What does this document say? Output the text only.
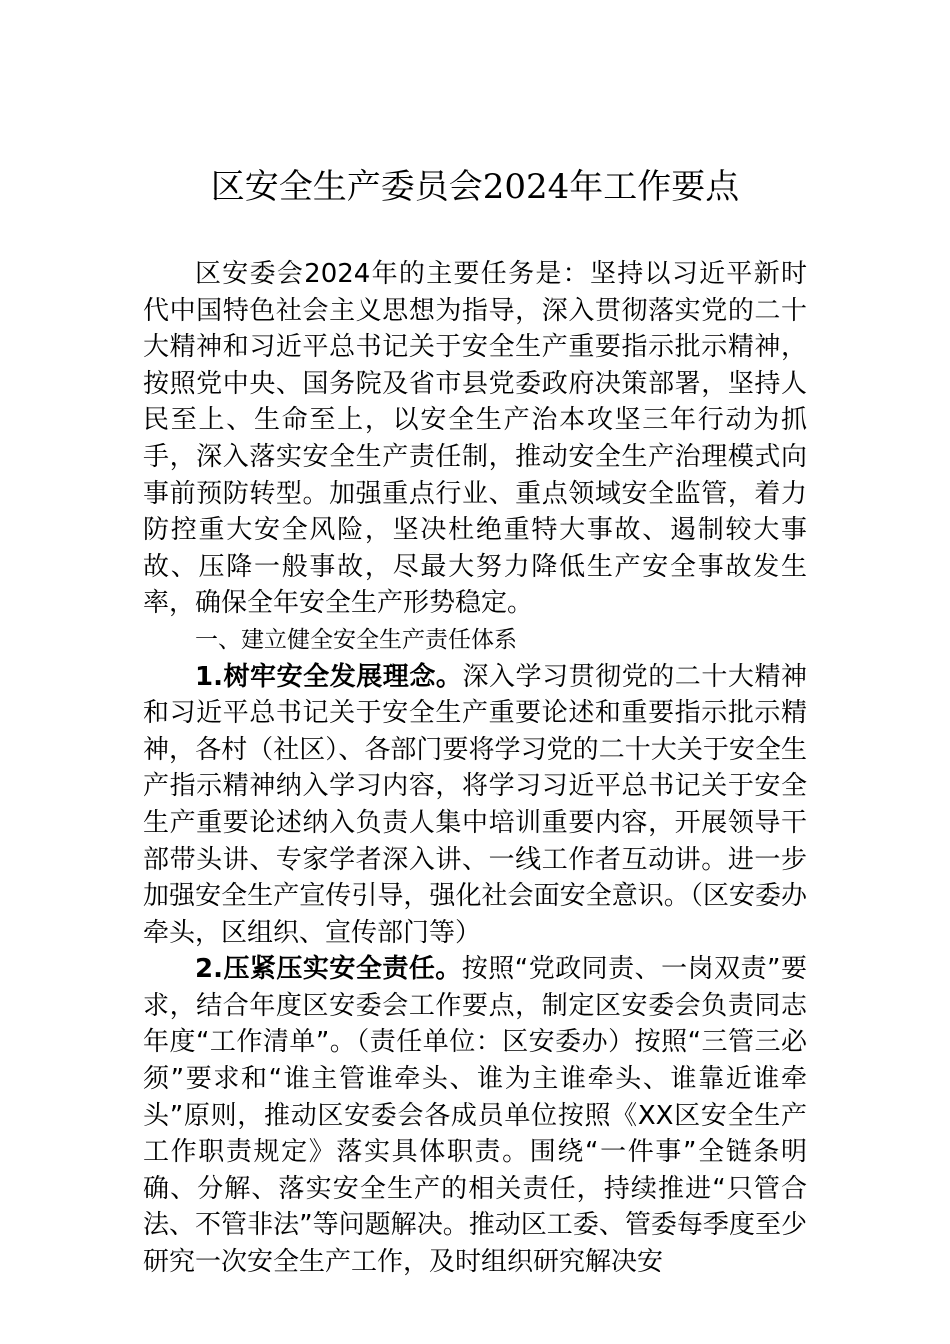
区安全生产委员会2024年工作要点

区安委会2024年的主要任务是：坚持以习近平新时代中国特色社会主义思想为指导，深入贯彻落实党的二十大精神和习近平总书记关于安全生产重要指示批示精神，按照党中央、国务院及省市县党委政府决策部署，坚持人民至上、生命至上，以安全生产治本攻坚三年行动为抓手，深入落实安全生产责任制，推动安全生产治理模式向事前预防转型。加强重点行业、重点领域安全监管，着力防控重大安全风险，坚决杜绝重特大事故、遏制较大事故、压降一般事故，尽最大努力降低生产安全事故发生率，确保全年安全生产形势稳定。

一、建立健全安全生产责任体系

1.树牢安全发展理念。深入学习贯彻党的二十大精神和习近平总书记关于安全生产重要论述和重要指示批示精神，各村（社区）、各部门要将学习党的二十大关于安全生产指示精神纳入学习内容，将学习习近平总书记关于安全生产重要论述纳入负责人集中培训重要内容，开展领导干部带头讲、专家学者深入讲、一线工作者互动讲。进一步加强安全生产宣传引导，强化社会面安全意识。（区安委办牵头，区组织、宣传部门等）

2.压紧压实安全责任。按照“党政同责、一岗双责”要求，结合年度区安委会工作要点，制定区安委会负责同志年度“工作清单”。（责任单位：区安委办）按照“三管三必须”要求和“谁主管谁牵头、谁为主谁牵头、谁靠近谁牵头”原则，推动区安委会各成员单位按照《XX区安全生产工作职责规定》落实具体职责。围绕“一件事”全链条明确、分解、落实安全生产的相关责任，持续推进“只管合法、不管非法”等问题解决。推动区工委、管委每季度至少研究一次安全生产工作，及时组织研究解决安
